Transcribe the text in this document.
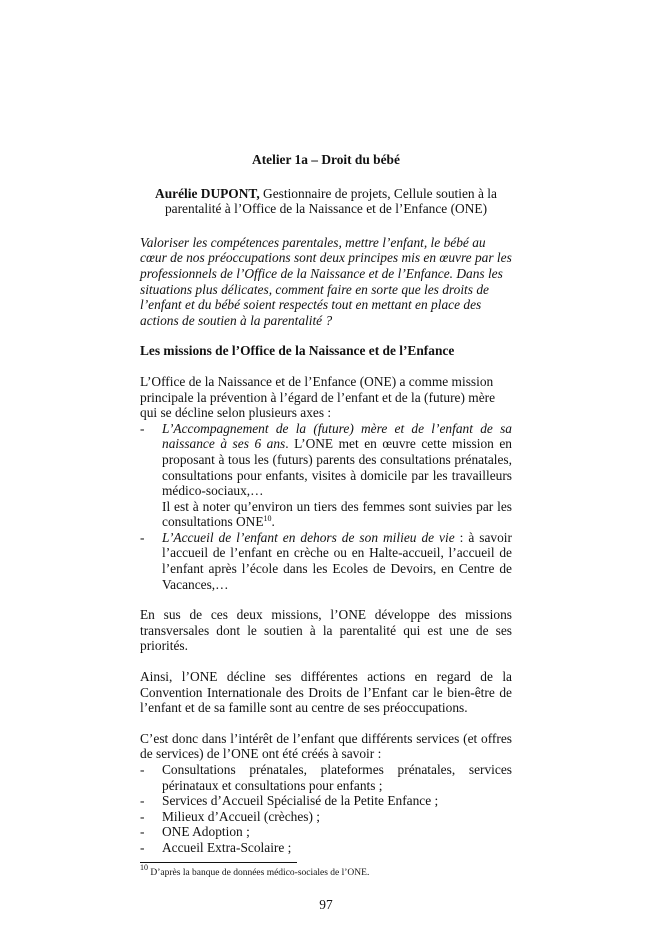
Atelier 1a – Droit du bébé
Aurélie DUPONT, Gestionnaire de projets, Cellule soutien à la parentalité à l’Office de la Naissance et de l’Enfance (ONE)
Valoriser les compétences parentales, mettre l’enfant, le bébé au cœur de nos préoccupations sont deux principes mis en œuvre par les professionnels de l’Office de la Naissance et de l’Enfance. Dans les situations plus délicates, comment faire en sorte que les droits de l’enfant et du bébé soient respectés tout en mettant en place des actions de soutien à la parentalité ?
Les missions de l’Office de la Naissance et de l’Enfance
L’Office de la Naissance et de l’Enfance (ONE) a comme mission principale la prévention à l’égard de l’enfant et de la (future) mère qui se décline selon plusieurs axes :
- L’Accompagnement de la (future) mère et de l’enfant de sa naissance à ses 6 ans. L’ONE met en œuvre cette mission en proposant à tous les (futurs) parents des consultations prénatales, consultations pour enfants, visites à domicile par les travailleurs médico-sociaux,…
Il est à noter qu’environ un tiers des femmes sont suivies par les consultations ONE$^{10}$.
- L’Accueil de l’enfant en dehors de son milieu de vie : à savoir l’accueil de l’enfant en crèche ou en Halte-accueil, l’accueil de l’enfant après l’école dans les Ecoles de Devoirs, en Centre de Vacances,…
En sus de ces deux missions, l’ONE développe des missions transversales dont le soutien à la parentalité qui est une de ses priorités.
Ainsi, l’ONE décline ses différentes actions en regard de la Convention Internationale des Droits de l’Enfant car le bien-être de l’enfant et de sa famille sont au centre de ses préoccupations.
C’est donc dans l’intérêt de l’enfant que différents services (et offres de services) de l’ONE ont été créés à savoir :
- Consultations prénatales, plateformes prénatales, services périnataux et consultations pour enfants ;
- Services d’Accueil Spécialisé de la Petite Enfance ;
- Milieux d’Accueil (crèches) ;
- ONE Adoption ;
- Accueil Extra-Scolaire ;
$^{10}$ D’après la banque de données médico-sociales de l’ONE.
97
